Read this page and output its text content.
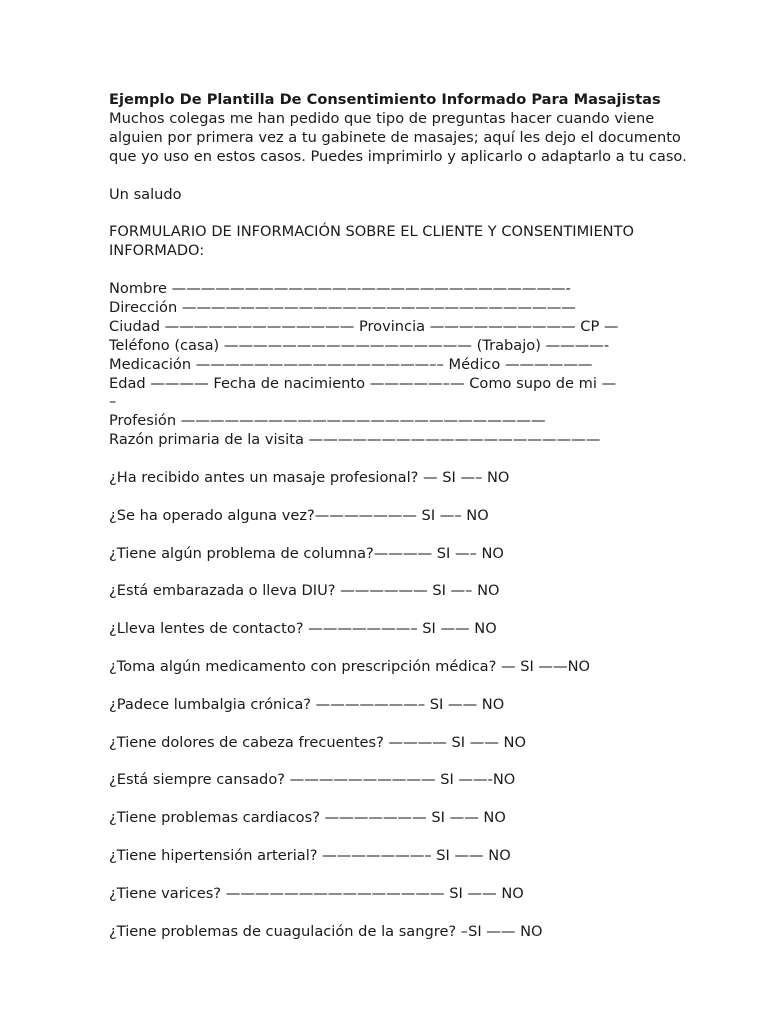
Ejemplo De Plantilla De Consentimiento Informado Para Masajistas

Muchos colegas me han pedido que tipo de preguntas hacer cuando viene alguien por primera vez a tu gabinete de masajes; aquí les dejo el documento que yo uso en estos casos. Puedes imprimirlo y aplicarlo o adaptarlo a tu caso.

Un saludo

FORMULARIO DE INFORMACIÓN SOBRE EL CLIENTE Y CONSENTIMIENTO INFORMADO:

Nombre ———————————————————————————-

Dirección ———————————————————————————

Ciudad ————————————— Provincia —————————— CP —

Teléfono (casa) ————————————————— (Trabajo) ————-

Medicación ————————————————–– Médico ——————

Edad ———— Fecha de nacimiento —————–— Como supo de mi —

–

Profesión —————————————————————————

Razón primaria de la visita ————————————————————

¿Ha recibido antes un masaje profesional? — SI —– NO

¿Se ha operado alguna vez?——————— SI —– NO

¿Tiene algún problema de columna?———— SI —– NO

¿Está embarazada o lleva DIU? —————— SI —– NO

¿Lleva lentes de contacto? ———————– SI —— NO

¿Toma algún medicamento con prescripción médica? — SI ——NO

¿Padece lumbalgia crónica? ———————– SI —— NO

¿Tiene dolores de cabeza frecuentes? ———— SI —— NO

¿Está siempre cansado? —————————— SI ——-NO

¿Tiene problemas cardiacos? ——————— SI —— NO

¿Tiene hipertensión arterial? ———————– SI —— NO

¿Tiene varices? ——————————————— SI —— NO

¿Tiene problemas de cuagulación de la sangre? –SI —— NO
